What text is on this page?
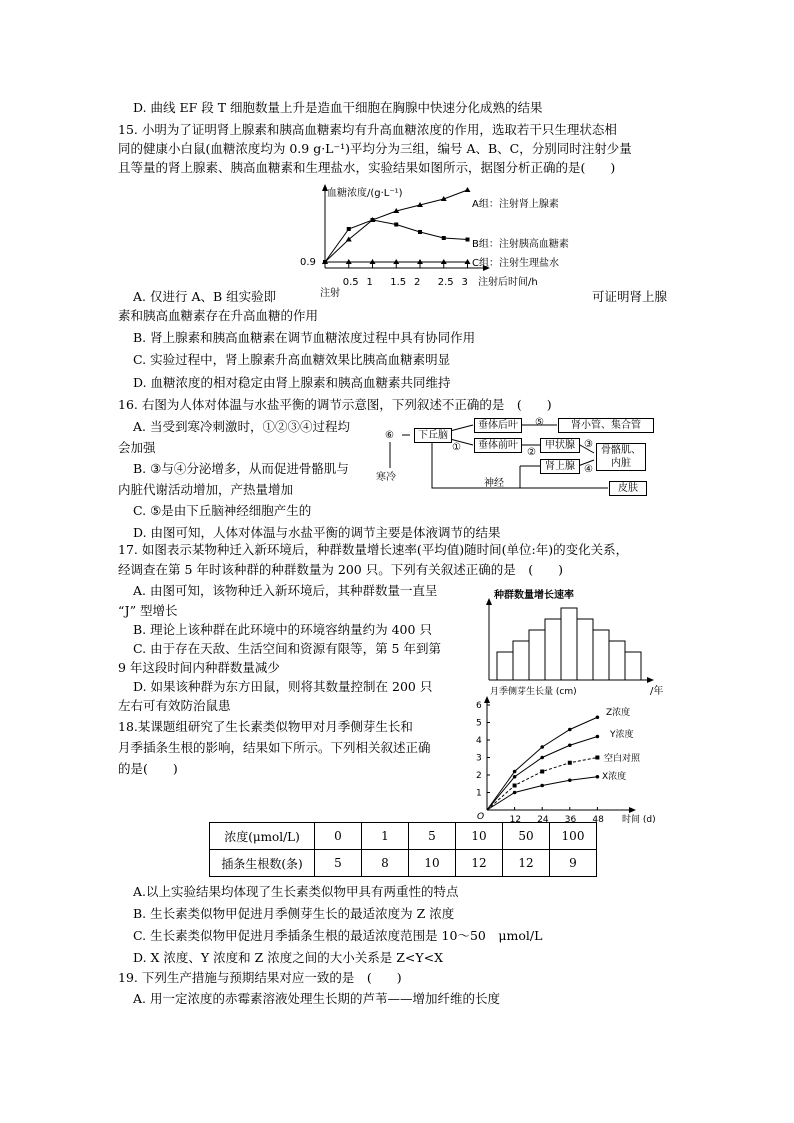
D. 曲线 EF 段 T 细胞数量上升是造血干细胞在胸腺中快速分化成熟的结果
15. 小明为了证明肾上腺素和胰高血糖素均有升高血糖浓度的作用，选取若干只生理状态相
同的健康小白鼠(血糖浓度均为 0.9 g·L⁻¹)平均分为三组，编号 A、B、C，分别同时注射少量
且等量的肾上腺素、胰高血糖素和生理盐水，实验结果如图所示，据图分析正确的是(　　)
A. 仅进行 A、B 组实验即	可证明肾上腺
素和胰高血糖素存在升高血糖的作用
B. 肾上腺素和胰高血糖素在调节血糖浓度过程中具有协同作用
C. 实验过程中，肾上腺素升高血糖效果比胰高血糖素明显
D. 血糖浓度的相对稳定由肾上腺素和胰高血糖素共同维持
16. 右图为人体对体温与水盐平衡的调节示意图，下列叙述不正确的是　(　　)
A. 当受到寒冷刺激时，①②③④过程均
会加强
B. ③与④分泌增多，从而促进骨骼肌与
内脏代谢活动增加，产热量增加
C. ⑤是由下丘脑神经细胞产生的
D. 由图可知，人体对体温与水盐平衡的调节主要是体液调节的结果
17. 如图表示某物种迁入新环境后，种群数量增长速率(平均值)随时间(单位:年)的变化关系，
经调查在第 5 年时该种群的种群数量为 200 只。下列有关叙述正确的是　(　　)
A. 由图可知，该物种迁入新环境后，其种群数量一直呈
“J” 型增长
B. 理论上该种群在此环境中的环境容纳量约为 400 只
C. 由于存在天敌、生活空间和资源有限等，第 5 年到第
9 年这段时间内种群数量减少
D. 如果该种群为东方田鼠，则将其数量控制在 200 只
左右可有效防治鼠患
18.某课题组研究了生长素类似物甲对月季侧芽生长和
月季插条生根的影响，结果如下所示。下列相关叙述正确
的是(　　)
A.以上实验结果均体现了生长素类似物甲具有两重性的特点
B. 生长素类似物甲促进月季侧芽生长的最适浓度为 Z 浓度
C. 生长素类似物甲促进月季插条生根的最适浓度范围是 10～50　μmol/L
D. X 浓度、Y 浓度和 Z 浓度之间的大小关系是 Z<Y<X
19. 下列生产措施与预期结果对应一致的是　(　　)
A. 用一定浓度的赤霉素溶液处理生长期的芦苇——增加纤维的长度
0.5 1 1.5 2 2.5 3
血糖浓度/(g·L⁻¹)
0.9
注射
注射后时间/h
A组：注射肾上腺素
B组：注射胰高血糖素
C组：注射生理盐水
下丘脑
垂体后叶
垂体前叶
肾小管、集合管
甲状腺
肾上腺
骨骼肌、内脏
皮肤
⑥
寒冷
①	②
③
④
⑤
神经
种群数量增长速率
/年
1
2
3
4
5
6
12 24 36 48
月季侧芽生长量 (cm)
O	时间 (d)
Z浓度
Y浓度
空白对照
X浓度
浓度(μmol/L)	0	1	5	10	50	100
插条生根数(条)	5	8	10	12	12	9
